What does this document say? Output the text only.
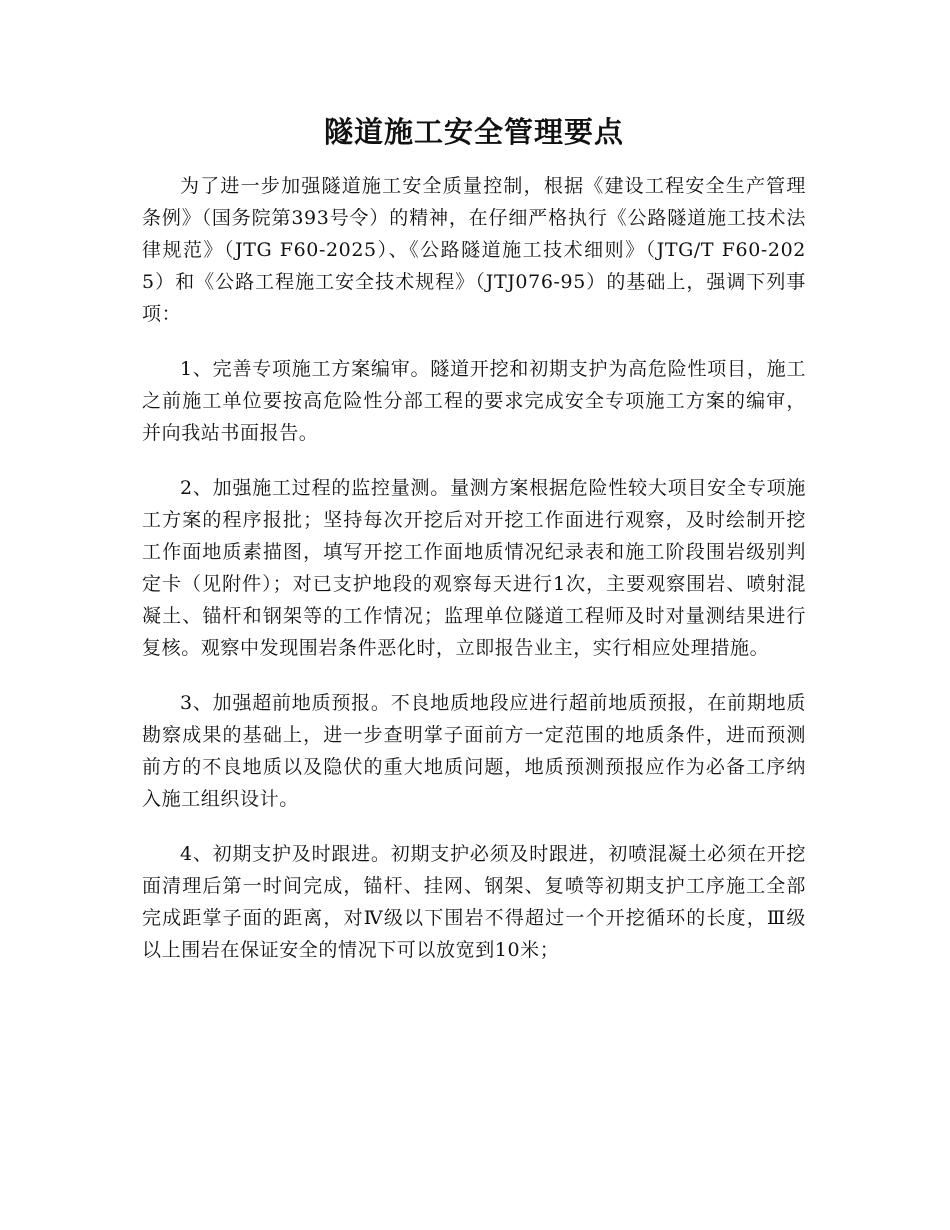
隧道施工安全管理要点

为了进一步加强隧道施工安全质量控制，根据《建设工程安全生产管理条例》（国务院第393号令）的精神，在仔细严格执行《公路隧道施工技术法律规范》（JTG F60-2025）、《公路隧道施工技术细则》（JTG/T F60-2025）和《公路工程施工安全技术规程》（JTJ076-95）的基础上，强调下列事项：

1、完善专项施工方案编审。隧道开挖和初期支护为高危险性项目，施工之前施工单位要按高危险性分部工程的要求完成安全专项施工方案的编审，并向我站书面报告。

2、加强施工过程的监控量测。量测方案根据危险性较大项目安全专项施工方案的程序报批；坚持每次开挖后对开挖工作面进行观察，及时绘制开挖工作面地质素描图，填写开挖工作面地质情况纪录表和施工阶段围岩级别判定卡（见附件）；对已支护地段的观察每天进行1次，主要观察围岩、喷射混凝土、锚杆和钢架等的工作情况；监理单位隧道工程师及时对量测结果进行复核。观察中发现围岩条件恶化时，立即报告业主，实行相应处理措施。

3、加强超前地质预报。不良地质地段应进行超前地质预报，在前期地质勘察成果的基础上，进一步查明掌子面前方一定范围的地质条件，进而预测前方的不良地质以及隐伏的重大地质问题，地质预测预报应作为必备工序纳入施工组织设计。

4、初期支护及时跟进。初期支护必须及时跟进，初喷混凝土必须在开挖面清理后第一时间完成，锚杆、挂网、钢架、复喷等初期支护工序施工全部完成距掌子面的距离，对Ⅳ级以下围岩不得超过一个开挖循环的长度，Ⅲ级以上围岩在保证安全的情况下可以放宽到10米；
